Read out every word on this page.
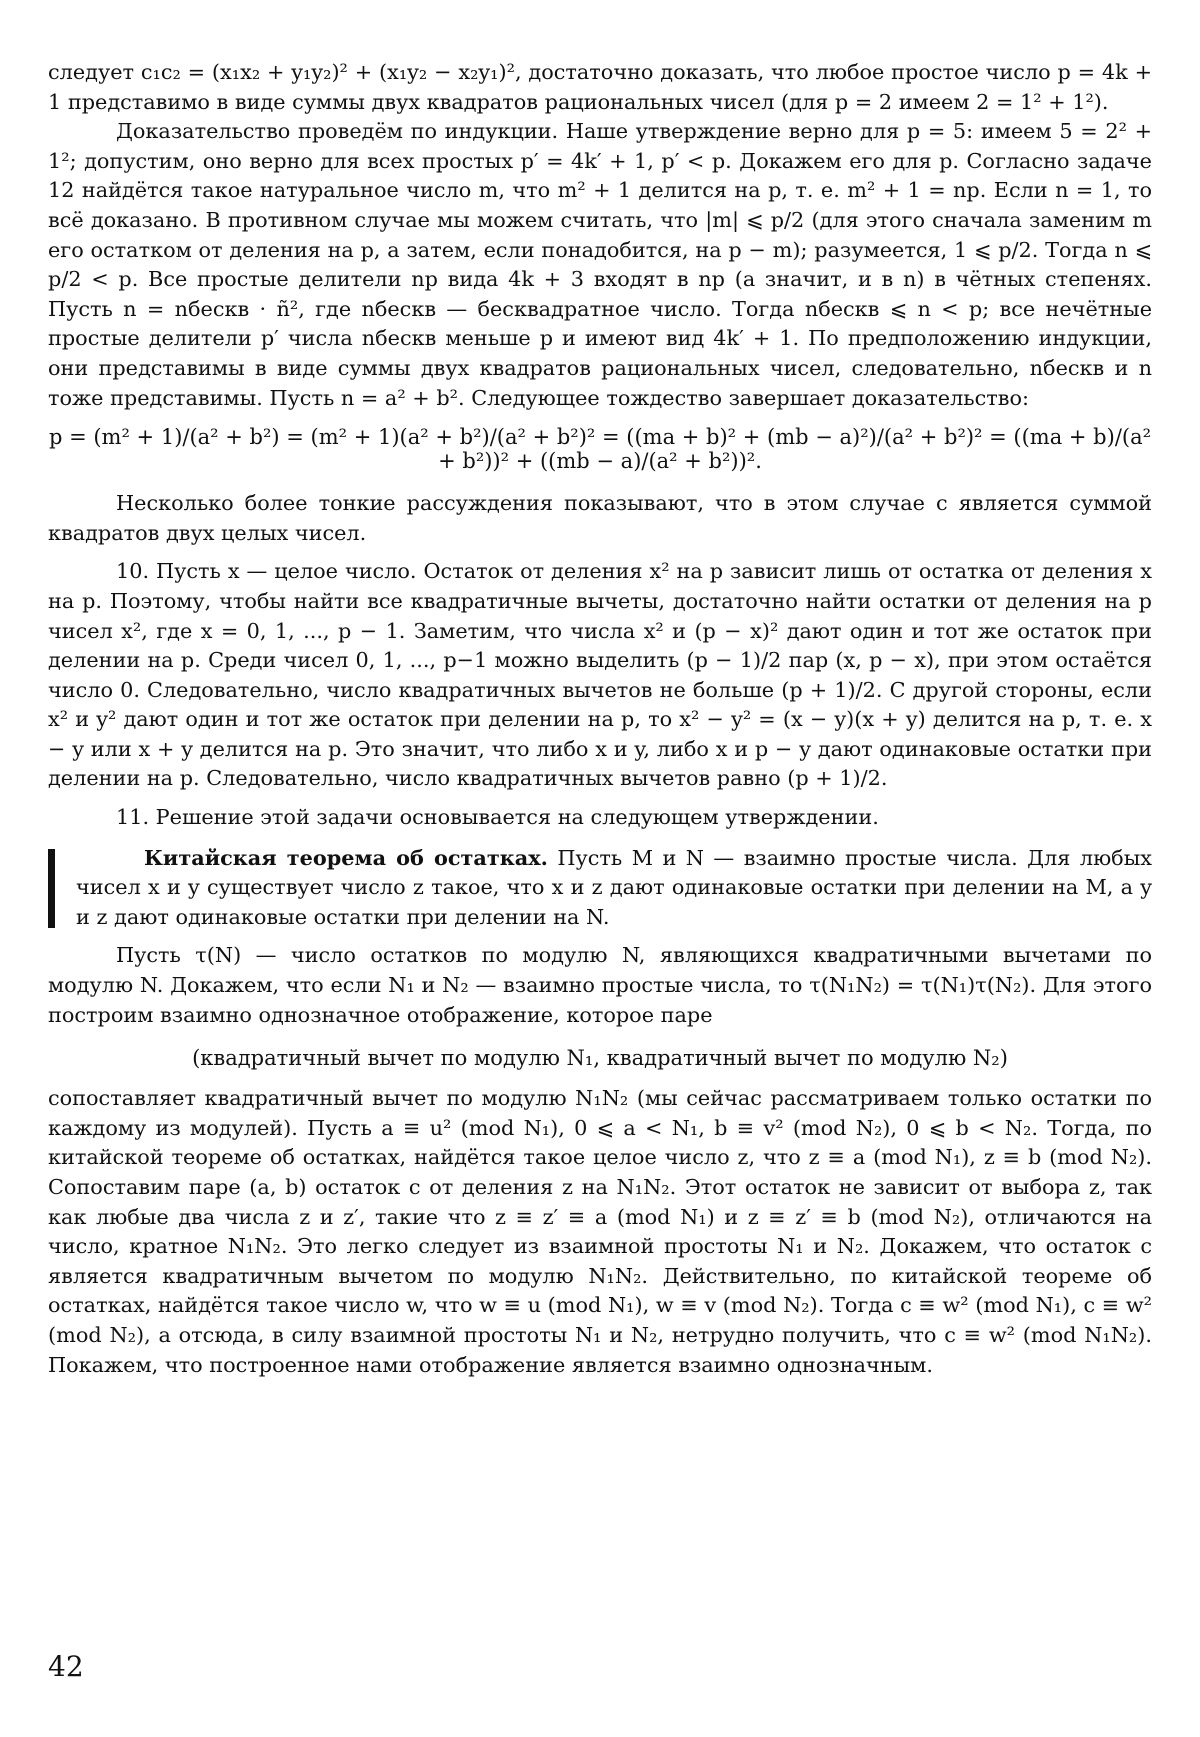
следует c₁c₂ = (x₁x₂ + y₁y₂)² + (x₁y₂ − x₂y₁)², достаточно доказать, что любое простое число p = 4k + 1 представимо в виде суммы двух квадратов рациональных чисел (для p = 2 имеем 2 = 1² + 1²).

Доказательство проведём по индукции. Наше утверждение верно для p = 5: имеем 5 = 2² + 1²; допустим, оно верно для всех простых p′ = 4k′ + 1, p′ < p. Докажем его для p. Согласно задаче 12 найдётся такое натуральное число m, что m² + 1 делится на p, т. е. m² + 1 = np. Если n = 1, то всё доказано. В противном случае мы можем считать, что |m| ⩽ p/2 (для этого сначала заменим m его остатком от деления на p, а затем, если понадобится, на p − m); разумеется, 1 ⩽ p/2. Тогда n ⩽ p/2 < p. Все простые делители np вида 4k + 3 входят в np (а значит, и в n) в чётных степенях. Пусть n = nбескв · ñ², где nбескв — бесквадратное число. Тогда nбескв ⩽ n < p; все нечётные простые делители p′ числа nбескв меньше p и имеют вид 4k′ + 1. По предположению индукции, они представимы в виде суммы двух квадратов рациональных чисел, следовательно, nбескв и n тоже представимы. Пусть n = a² + b². Следующее тождество завершает доказательство:

p = (m² + 1)/(a² + b²) = (m² + 1)(a² + b²)/(a² + b²)² = ((ma + b)² + (mb − a)²)/(a² + b²)² = ((ma + b)/(a² + b²))² + ((mb − a)/(a² + b²))².

Несколько более тонкие рассуждения показывают, что в этом случае c является суммой квадратов двух целых чисел.

10. Пусть x — целое число. Остаток от деления x² на p зависит лишь от остатка от деления x на p. Поэтому, чтобы найти все квадратичные вычеты, достаточно найти остатки от деления на p чисел x², где x = 0, 1, ..., p − 1. Заметим, что числа x² и (p − x)² дают один и тот же остаток при делении на p. Среди чисел 0, 1, ..., p−1 можно выделить (p − 1)/2 пар (x, p − x), при этом остаётся число 0. Следовательно, число квадратичных вычетов не больше (p + 1)/2. С другой стороны, если x² и y² дают один и тот же остаток при делении на p, то x² − y² = (x − y)(x + y) делится на p, т. е. x − y или x + y делится на p. Это значит, что либо x и y, либо x и p − y дают одинаковые остатки при делении на p. Следовательно, число квадратичных вычетов равно (p + 1)/2.

11. Решение этой задачи основывается на следующем утверждении.

Китайская теорема об остатках. Пусть M и N — взаимно простые числа. Для любых чисел x и y существует число z такое, что x и z дают одинаковые остатки при делении на M, а y и z дают одинаковые остатки при делении на N.

Пусть τ(N) — число остатков по модулю N, являющихся квадратичными вычетами по модулю N. Докажем, что если N₁ и N₂ — взаимно простые числа, то τ(N₁N₂) = τ(N₁)τ(N₂). Для этого построим взаимно однозначное отображение, которое паре

(квадратичный вычет по модулю N₁, квадратичный вычет по модулю N₂)

сопоставляет квадратичный вычет по модулю N₁N₂ (мы сейчас рассматриваем только остатки по каждому из модулей). Пусть a ≡ u² (mod N₁), 0 ⩽ a < N₁, b ≡ v² (mod N₂), 0 ⩽ b < N₂. Тогда, по китайской теореме об остатках, найдётся такое целое число z, что z ≡ a (mod N₁), z ≡ b (mod N₂). Сопоставим паре (a, b) остаток c от деления z на N₁N₂. Этот остаток не зависит от выбора z, так как любые два числа z и z′, такие что z ≡ z′ ≡ a (mod N₁) и z ≡ z′ ≡ b (mod N₂), отличаются на число, кратное N₁N₂. Это легко следует из взаимной простоты N₁ и N₂. Докажем, что остаток c является квадратичным вычетом по модулю N₁N₂. Действительно, по китайской теореме об остатках, найдётся такое число w, что w ≡ u (mod N₁), w ≡ v (mod N₂). Тогда c ≡ w² (mod N₁), c ≡ w² (mod N₂), а отсюда, в силу взаимной простоты N₁ и N₂, нетрудно получить, что c ≡ w² (mod N₁N₂). Покажем, что построенное нами отображение является взаимно однозначным.

42
